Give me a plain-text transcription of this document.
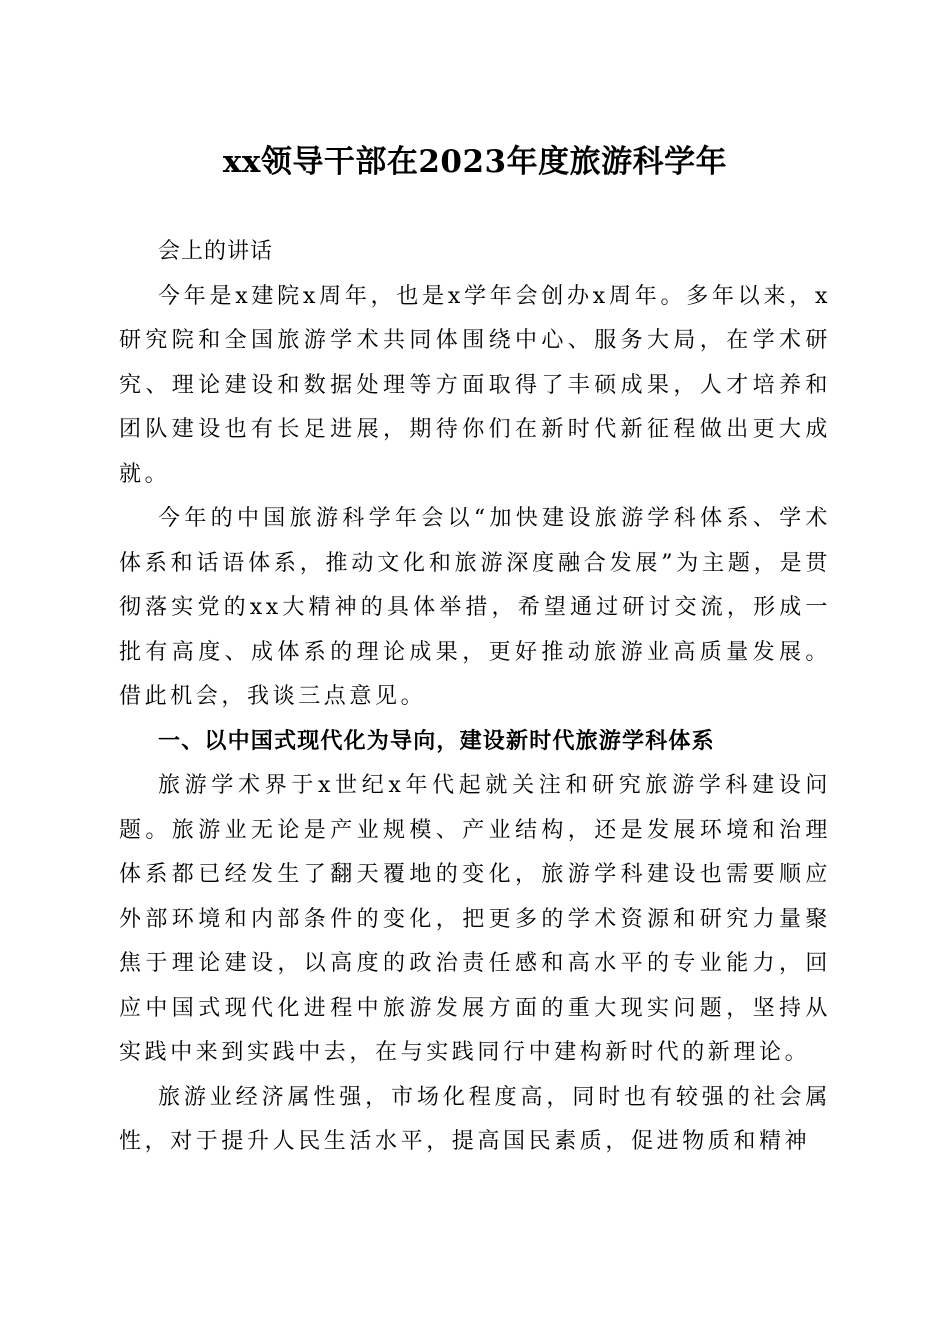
xx领导干部在2023年度旅游科学年

会上的讲话

今年是x建院x周年，也是x学年会创办x周年。多年以来，x研究院和全国旅游学术共同体围绕中心、服务大局，在学术研究、理论建设和数据处理等方面取得了丰硕成果，人才培养和团队建设也有长足进展，期待你们在新时代新征程做出更大成就。

今年的中国旅游科学年会以“加快建设旅游学科体系、学术体系和话语体系，推动文化和旅游深度融合发展”为主题，是贯彻落实党的xx大精神的具体举措，希望通过研讨交流，形成一批有高度、成体系的理论成果，更好推动旅游业高质量发展。借此机会，我谈三点意见。

一、以中国式现代化为导向，建设新时代旅游学科体系

旅游学术界于x世纪x年代起就关注和研究旅游学科建设问题。旅游业无论是产业规模、产业结构，还是发展环境和治理体系都已经发生了翻天覆地的变化，旅游学科建设也需要顺应外部环境和内部条件的变化，把更多的学术资源和研究力量聚焦于理论建设，以高度的政治责任感和高水平的专业能力，回应中国式现代化进程中旅游发展方面的重大现实问题，坚持从实践中来到实践中去，在与实践同行中建构新时代的新理论。

旅游业经济属性强，市场化程度高，同时也有较强的社会属性，对于提升人民生活水平，提高国民素质，促进物质和精神
